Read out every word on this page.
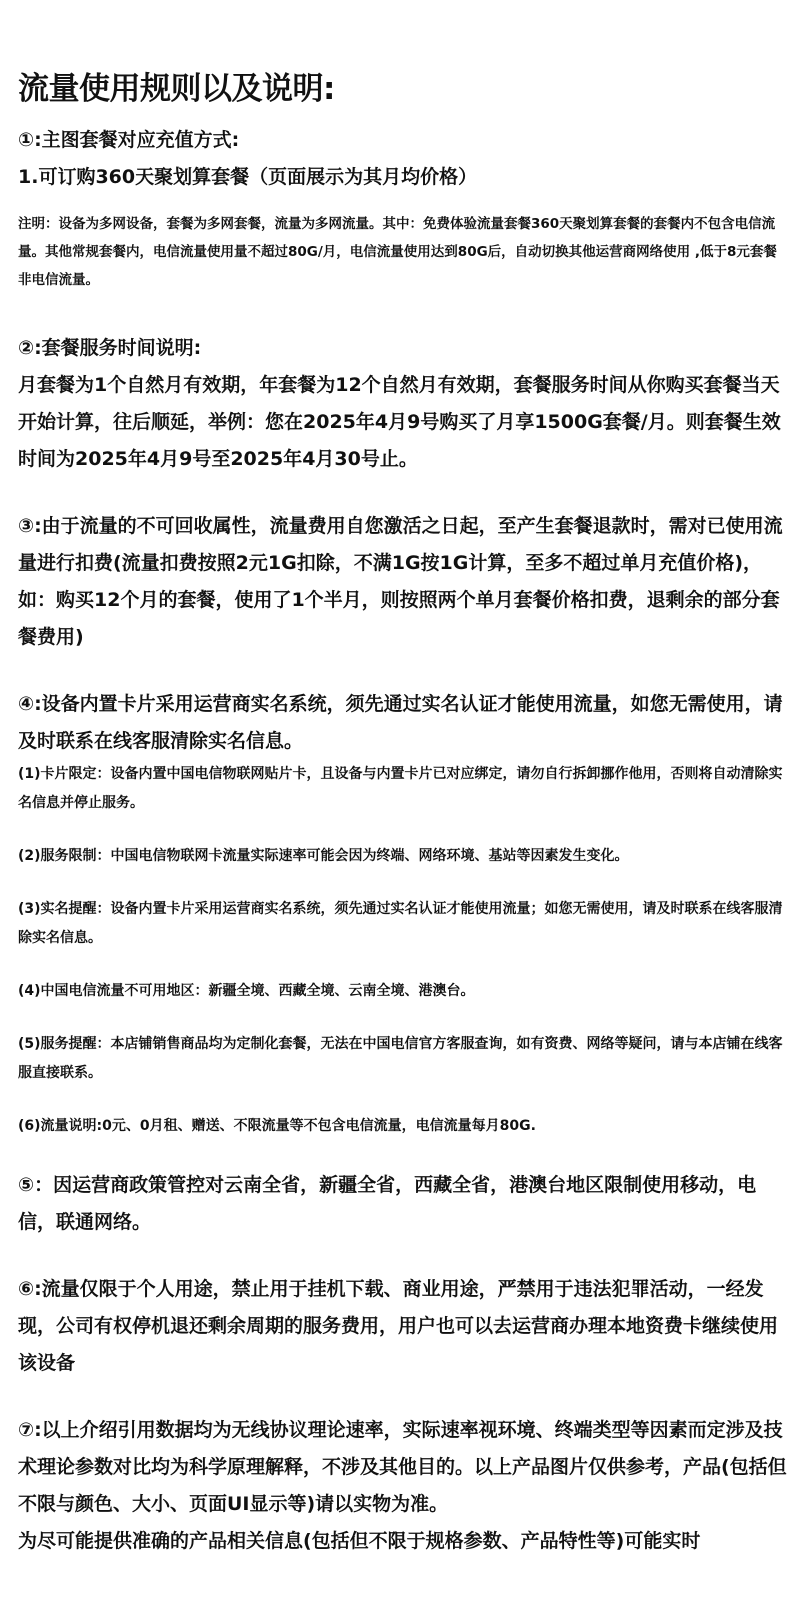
流量使用规则以及说明:

①:主图套餐对应充值方式:

1.可订购360天聚划算套餐（页面展示为其月均价格）

注明：设备为多网设备，套餐为多网套餐，流量为多网流量。其中：免费体验流量套餐360天聚划算套餐的套餐内不包含电信流量。其他常规套餐内，电信流量使用量不超过80G/月，电信流量使用达到80G后，自动切换其他运营商网络使用 ,低于8元套餐非电信流量。

②:套餐服务时间说明:

月套餐为1个自然月有效期，年套餐为12个自然月有效期，套餐服务时间从你购买套餐当天开始计算，往后顺延，举例：您在2025年4月9号购买了月享1500G套餐/月。则套餐生效时间为2025年4月9号至2025年4月30号止。

③:由于流量的不可回收属性，流量费用自您激活之日起，至产生套餐退款时，需对已使用流量进行扣费(流量扣费按照2元1G扣除，不满1G按1G计算，至多不超过单月充值价格)，如：购买12个月的套餐，使用了1个半月，则按照两个单月套餐价格扣费，退剩余的部分套餐费用)

④:设备内置卡片采用运营商实名系统，须先通过实名认证才能使用流量，如您无需使用，请及时联系在线客服清除实名信息。

(1)卡片限定：设备内置中国电信物联网贴片卡，且设备与内置卡片已对应绑定，请勿自行拆卸挪作他用，否则将自动清除实名信息并停止服务。

(2)服务限制：中国电信物联网卡流量实际速率可能会因为终端、网络环境、基站等因素发生变化。

(3)实名提醒：设备内置卡片采用运营商实名系统，须先通过实名认证才能使用流量；如您无需使用，请及时联系在线客服清除实名信息。

(4)中国电信流量不可用地区：新疆全境、西藏全境、云南全境、港澳台。

(5)服务提醒：本店铺销售商品均为定制化套餐，无法在中国电信官方客服查询，如有资费、网络等疑问，请与本店铺在线客服直接联系。

(6)流量说明:0元、0月租、赠送、不限流量等不包含电信流量，电信流量每月80G.

⑤：因运营商政策管控对云南全省，新疆全省，西藏全省，港澳台地区限制使用移动，电信，联通网络。

⑥:流量仅限于个人用途，禁止用于挂机下载、商业用途，严禁用于违法犯罪活动，一经发现，公司有权停机退还剩余周期的服务费用，用户也可以去运营商办理本地资费卡继续使用该设备

⑦:以上介绍引用数据均为无线协议理论速率，实际速率视环境、终端类型等因素而定涉及技术理论参数对比均为科学原理解释，不涉及其他目的。以上产品图片仅供参考，产品(包括但不限与颜色、大小、页面UI显示等)请以实物为准。

为尽可能提供准确的产品相关信息(包括但不限于规格参数、产品特性等)可能实时
